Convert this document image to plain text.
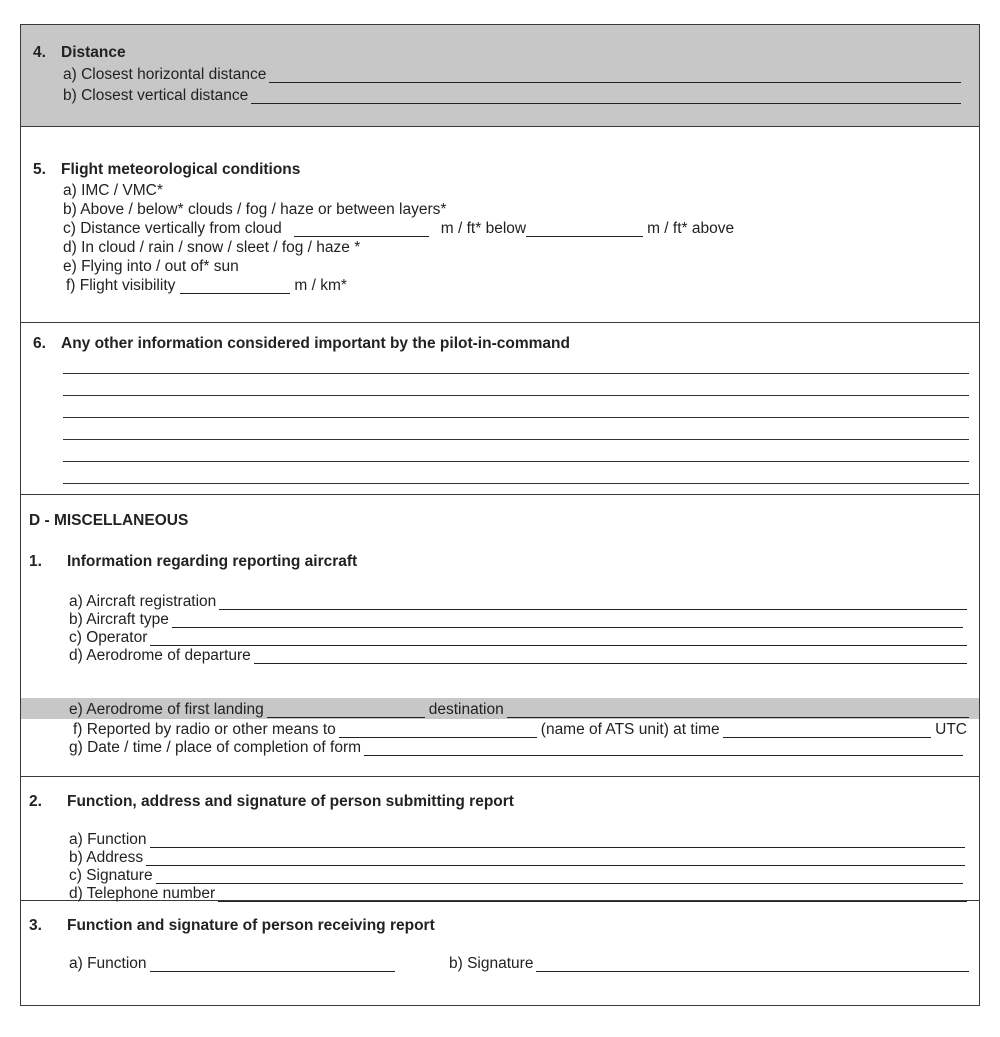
4. Distance
a) Closest horizontal distance
b) Closest vertical distance
5. Flight meteorological conditions
a) IMC / VMC*
b) Above / below* clouds / fog / haze or between layers*
c) Distance vertically from cloud	m / ft* below	m / ft* above
d) In cloud / rain / snow / sleet / fog / haze *
e) Flying into / out of* sun
f) Flight visibility	m / km*
6. Any other information considered important by the pilot-in-command
D - MISCELLANEOUS
1. Information regarding reporting aircraft
a) Aircraft registration
b) Aircraft type
c) Operator
d) Aerodrome of departure
e) Aerodrome of first landing	destination
f) Reported by radio or other means to	(name of ATS unit) at time	UTC
g) Date / time / place of completion of form
2. Function, address and signature of person submitting report
a) Function
b) Address
c) Signature
d) Telephone number
3. Function and signature of person receiving report
a) Function	b) Signature
